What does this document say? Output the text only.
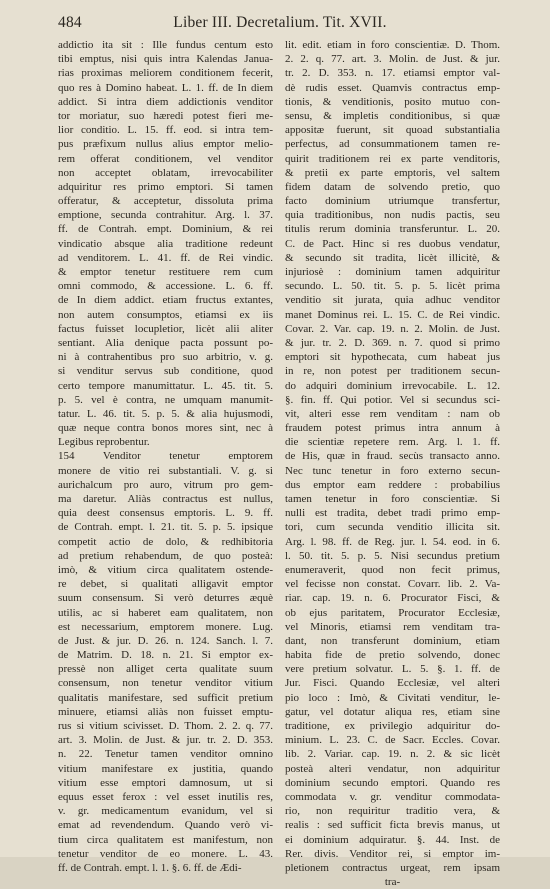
484	Liber III. Decretalium. Tit. XVII.
addictio ita sit : Ille fundus centum esto
tibi emptus, nisi quis intra Kalendas Janua-
rias proximas meliorem conditionem fecerit,
quo res à Domino habeat. L. 1. ff. de In diem
addict. Si intra diem addictionis venditor
tor moriatur, suo hæredi potest fieri me-
lior conditio. L. 15. ff. eod. si intra tem-
pus præfixum nullus alius emptor melio-
rem offerat conditionem, vel venditor
non acceptet oblatam, irrevocabiliter
adquiritur res primo emptori. Si tamen
offeratur, & acceptetur, dissoluta prima
emptione, secunda contrahitur. Arg. l. 37.
ff. de Contrah. empt. Dominium, & rei
vindicatio absque alia traditione redeunt
ad venditorem. L. 41. ff. de Rei vindic.
& emptor tenetur restituere rem cum
omni commodo, & accessione. L. 6. ff.
de In diem addict. etiam fructus extantes,
non autem consumptos, etiamsi ex iis
factus fuisset locupletior, licèt alii aliter
sentiant. Alia denique pacta possunt po-
ni à contrahentibus pro suo arbitrio, v. g.
si venditur servus sub conditione, quod
certo tempore manumittatur. L. 45. tit. 5.
p. 5. vel è contra, ne umquam manumit-
tatur. L. 46. tit. 5. p. 5. & alia hujusmodi,
quæ neque contra bonos mores sint, nec à
Legibus reprobentur.
154 Venditor tenetur emptorem
monere de vitio rei substantiali. V. g. si
aurichalcum pro auro, vitrum pro gem-
ma daretur. Aliàs contractus est nullus,
quia deest consensus emptoris. L. 9. ff.
de Contrah. empt. l. 21. tit. 5. p. 5. ipsique
competit actio de dolo, & redhibitoria
ad pretium rehabendum, de quo posteà:
imò, & vitium circa qualitatem ostende-
re debet, si qualitati alligavit emptor
suum consensum. Si verò deturres æquè
utilis, ac si haberet eam qualitatem, non
est necessarium, emptorem monere. Lug.
de Just. & jur. D. 26. n. 124. Sanch. l. 7.
de Matrim. D. 18. n. 21. Si emptor ex-
pressè non alliget certa qualitate suum
consensum, non tenetur venditor vitium
qualitatis manifestare, sed sufficit pretium
minuere, etiamsi aliàs non fuisset emptu-
rus si vitium scivisset. D. Thom. 2. 2. q. 77.
art. 3. Molin. de Just. & jur. tr. 2. D. 353.
n. 22. Tenetur tamen venditor omnino
vitium manifestare ex justitia, quando
vitium esse emptori damnosum, ut si
equus esset ferox : vel esset inutilis res,
v. gr. medicamentum evanidum, vel si
emat ad revendendum. Quando verò vi-
tium circa qualitatem est manifestum, non
tenetur venditor de eo monere. L. 43.
ff. de Contrah. empt. l. 1. §. 6. ff. de Ædi-
lit. edit. etiam in foro conscientiæ. D. Thom.
2. 2. q. 77. art. 3. Molin. de Just. & jur.
tr. 2. D. 353. n. 17. etiamsi emptor val-
dè rudis esset. Quamvis contractus emp-
tionis, & venditionis, posito mutuo con-
sensu, & impletis conditionibus, si quæ
appositæ fuerunt, sit quoad substantialia
perfectus, ad consummationem tamen re-
quirit traditionem rei ex parte venditoris,
& pretii ex parte emptoris, vel saltem
fidem datam de solvendo pretio, quo
facto dominium utriumque transfertur,
quia traditionibus, non nudis pactis, seu
titulis rerum dominia transferuntur. L. 20.
C. de Pact. Hinc si res duobus vendatur,
& secundo sit tradita, licèt illicitè, &
injuriosè : dominium tamen adquiritur
secundo. L. 50. tit. 5. p. 5. licèt prima
venditio sit jurata, quia adhuc venditor
manet Dominus rei. L. 15. C. de Rei vindic.
Covar. 2. Var. cap. 19. n. 2. Molin. de Just.
& jur. tr. 2. D. 369. n. 7. quod si primo
emptori sit hypothecata, cum habeat jus
in re, non potest per traditionem secun-
do adquiri dominium irrevocabile. L. 12.
§. fin. ff. Qui potior. Vel si secundus sci-
vit, alteri esse rem venditam : nam ob
fraudem potest primus intra annum à
die scientiæ repetere rem. Arg. l. 1. ff.
de His, quæ in fraud. secùs transacto anno.
Nec tunc tenetur in foro externo secun-
dus emptor eam reddere : probabilius
tamen tenetur in foro conscientiæ. Si
nulli est tradita, debet tradi primo emp-
tori, cum secunda venditio illicita sit.
Arg. l. 98. ff. de Reg. jur. l. 54. eod. in 6.
l. 50. tit. 5. p. 5. Nisi secundus pretium
enumeraverit, quod non fecit primus,
vel fecisse non constat. Covarr. lib. 2. Va-
riar. cap. 19. n. 6. Procurator Fisci, &
ob ejus paritatem, Procurator Ecclesiæ,
vel Minoris, etiamsi rem venditam tra-
dant, non transferunt dominium, etiam
habita fide de pretio solvendo, donec
vere pretium solvatur. L. 5. §. 1. ff. de
Jur. Fisci. Quando Ecclesiæ, vel alteri
pio loco : Imò, & Civitati venditur, le-
gatur, vel dotatur aliqua res, etiam sine
traditione, ex privilegio adquiritur do-
minium. L. 23. C. de Sacr. Eccles. Covar.
lib. 2. Variar. cap. 19. n. 2. & sic licèt
posteà alteri vendatur, non adquiritur
dominium secundo emptori. Quando res
commodata v. gr. venditur commodata-
rio, non requiritur traditio vera, &
realis : sed sufficit ficta brevis manus, ut
ei dominium adquiratur. §. 44. Inst. de
Rer. divis. Venditor rei, si emptor im-
pletionem contractus urgeat, rem ipsam
tra-
